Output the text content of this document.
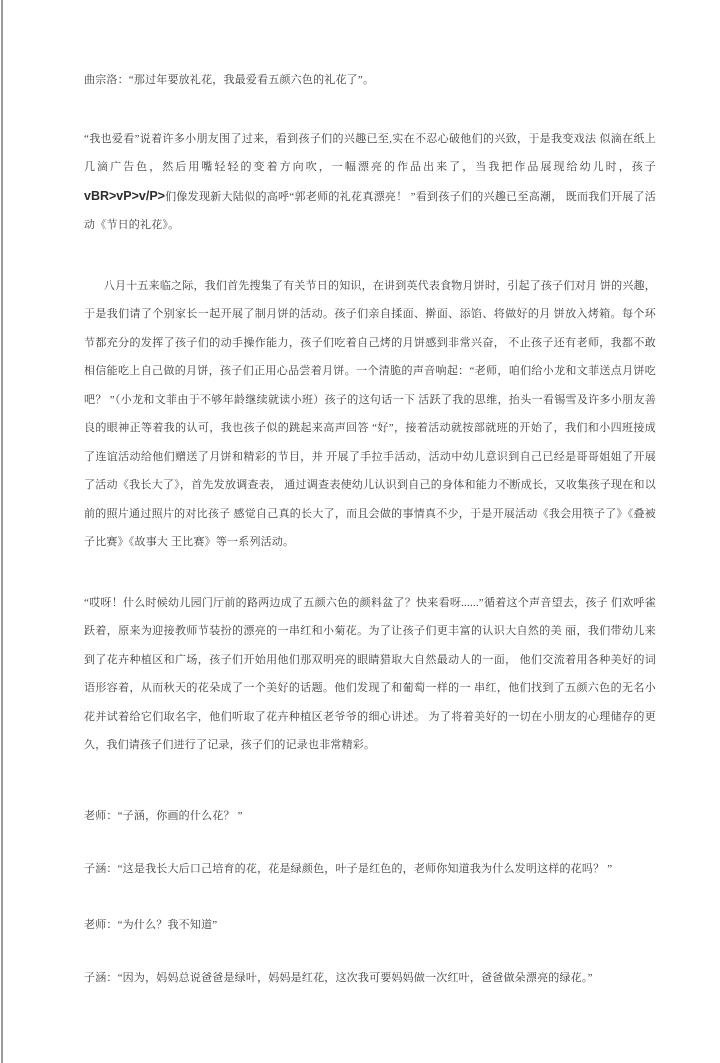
曲宗洛：“那过年要放礼花，我最爱看五颜六色的礼花了”。

“我也爱看”说着许多小朋友围了过来，看到孩子们的兴趣已至,实在不忍心破他们的兴致，于是我变戏法 似滴在纸上几滴广告色，然后用嘴轻轻的变着方向吹，一幅漂亮的作品出来了，当我把作品展现给幼儿时，孩子 vBR>vP>v/P>们像发现新大陆似的高呼“郭老师的礼花真漂亮！ ”看到孩子们的兴趣已至高潮， 既而我们开展了活动《节日的礼花》。

八月十五来临之际，我们首先搜集了有关节日的知识，在讲到英代表食物月饼时，引起了孩子们对月 饼的兴趣，于是我们请了个别家长一起开展了制月饼的活动。孩子们亲自揉面、擀面、添馅、将做好的月 饼放入烤箱。每个环节都充分的发挥了孩子们的动手操作能力，孩子们吃着自己烤的月饼感到非常兴奋， 不止孩子还有老师，我都不敢相信能吃上自己做的月饼，孩子们正用心品尝着月饼。一个清脆的声音响起：“老师，咱们给小龙和文菲送点月饼吃吧？ ”（小龙和文菲由于不够年龄继续就读小班）孩子的这句话一下 活跃了我的思维，抬头一看锡雪及许多小朋友善良的眼神正等着我的认可，我也孩子似的跳起来高声回答 “好”，接着活动就按部就班的开始了，我们和小四班接成了连谊活动给他们赠送了月饼和精彩的节目，并 开展了手拉手活动，活动中幼儿意识到自己已经是哥哥姐姐了开展了活动《我长大了》，首先发放调查表， 通过调查表使幼儿认识到自己的身体和能力不断成长，又收集孩子现在和以前的照片通过照片的对比孩子 感觉自己真的长大了，而且会做的事情真不少，于是开展活动《我会用筷子了》《叠被子比赛》《故事大 王比赛》等一系列活动。

“哎呀！什么时候幼儿园门厅前的路两边成了五颜六色的颜料盆了？快来看呀......”循着这个声音望去，孩子 们欢呼雀跃着，原来为迎接教师节装扮的漂亮的一串红和小菊花。为了让孩子们更丰富的认识大自然的美 丽，我们带幼儿来到了花卉种植区和广场，孩子们开始用他们那双明亮的眼睛猎取大自然最动人的一面， 他们交流着用各种美好的词语形容着，从而秋天的花朵成了一个美好的话题。他们发现了和葡萄一样的一 串红，他们找到了五颜六色的无名小花并试着给它们取名字，他们听取了花卉种植区老爷爷的细心讲述。 为了将着美好的一切在小朋友的心理储存的更久，我们请孩子们进行了记录，孩子们的记录也非常精彩。

老师：“子涵，你画的什么花？ ”

子涵：“这是我长大后口己培育的花，花是绿颜色，叶子是红色的，老师你知道我为什么发明这样的花吗？ ”

老师：“为什么？我不知道”

子涵：“因为，妈妈总说爸爸是绿叶，妈妈是红花，这次我可要妈妈做一次红叶，爸爸做朵漂亮的绿花。”
